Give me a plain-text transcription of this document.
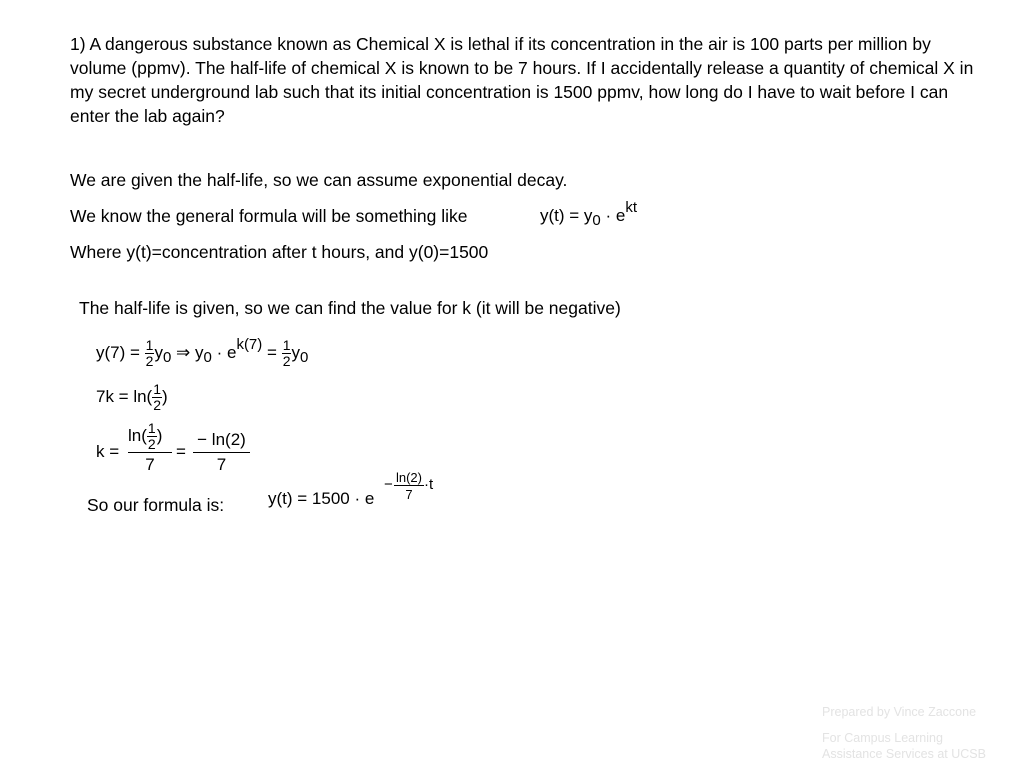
1) A dangerous substance known as Chemical X is lethal if its concentration in the air is 100 parts per million by volume (ppmv). The half-life of chemical X is known to be 7 hours. If I accidentally release a quantity of chemical X in my secret underground lab such that its initial concentration is 1500 ppmv, how long do I have to wait before I can enter the lab again?
We are given the half-life, so we can assume exponential decay.
We know the general formula will be something like	y(t) = y0 · ekt
Where y(t)=concentration after t hours, and y(0)=1500
The half-life is given, so we can find the value for k (it will be negative)
$y(7) = \frac{1}{2} y0$ ⇒ $y0 \cdot ek(7) = \frac{1}{2} y0$
$7k = \ln( \frac{1}{2}$ )
k =
$\ln( \frac{1}{2}$ )
7
=
− ln(2)
7
So our formula is:	y(t) = 1500 · e
− ln(2)
7
·t
Prepared by Vince Zaccone
For Campus Learning
Assistance Services at UCSB
